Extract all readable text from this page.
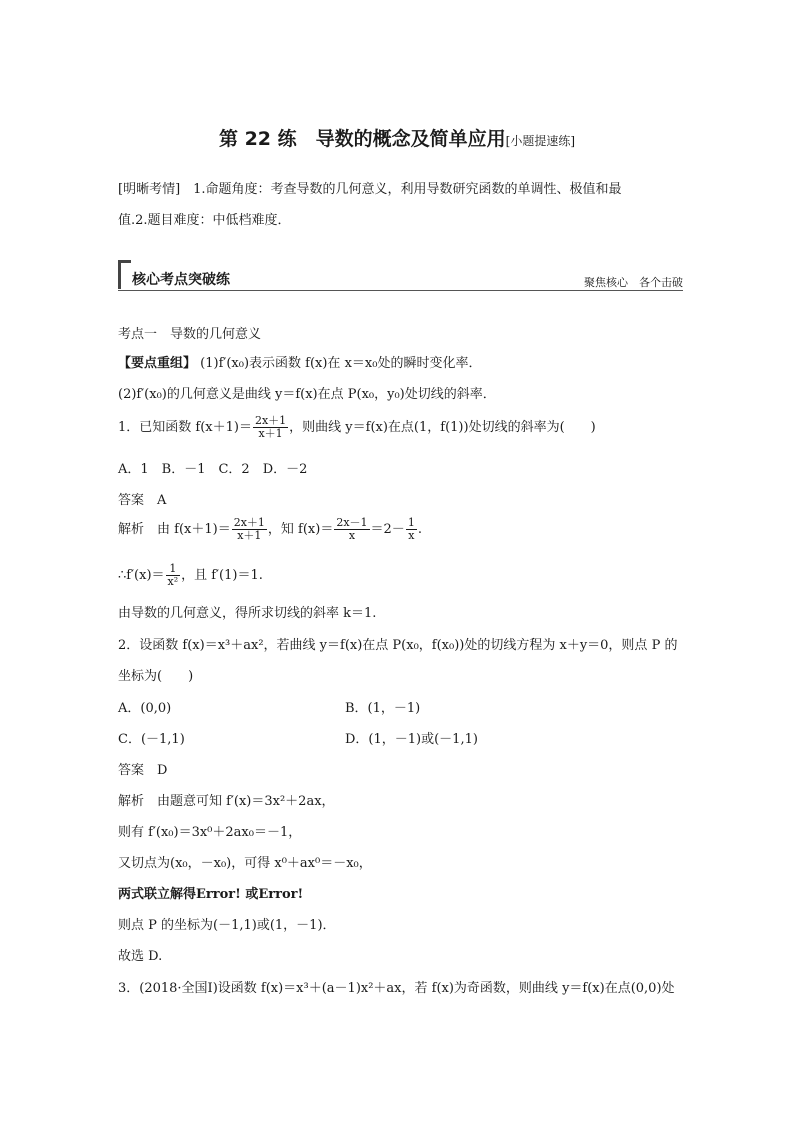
第 22 练　导数的概念及简单应用[小题提速练]
[明晰考情]　1.命题角度：考查导数的几何意义，利用导数研究函数的单调性、极值和最
值.2.题目难度：中低档难度．
核心考点突破练	聚焦核心　各个击破
考点一　导数的几何意义
【要点重组】 (1)f′(x₀)表示函数 f(x)在 x＝x₀处的瞬时变化率．
(2)f′(x₀)的几何意义是曲线 y＝f(x)在点 P(x₀，y₀)处切线的斜率．
1．已知函数 $f(x+1)= \frac{2x+1}{x+1}$ ，则曲线 y＝f(x)在点(1，f(1))处切线的斜率为(　　)
A．1　B．－1　C．2　D．－2
答案　A
解析　由 $f(x+1)= \frac{2x+1}{x+1}$ ，知 $f(x)= \frac{2x-1}{x} =2- \frac{1}{x}$ .
∴f′(x)＝ $\frac{1}{\text{x²}}$ ，且 f′(1)＝1.
由导数的几何意义，得所求切线的斜率 k＝1.
2．设函数 f(x)＝x³＋ax²，若曲线 y＝f(x)在点 P(x₀，f(x₀))处的切线方程为 x＋y＝0，则点 P 的
坐标为(　　)
A．(0,0)	B．(1，－1)
C．(－1,1)	D．(1，－1)或(－1,1)
答案　D
解析　由题意可知 f′(x)＝3x²＋2ax，
则有 f′(x₀)＝3x⁰＋2ax₀＝－1，
又切点为(x₀，－x₀)，可得 x⁰＋ax⁰＝－x₀，
两式联立解得Error! 或Error!
则点 P 的坐标为(－1,1)或(1，－1)．
故选 D.
3．(2018·全国Ⅰ)设函数 f(x)＝x³＋(a－1)x²＋ax，若 f(x)为奇函数，则曲线 y＝f(x)在点(0,0)处
